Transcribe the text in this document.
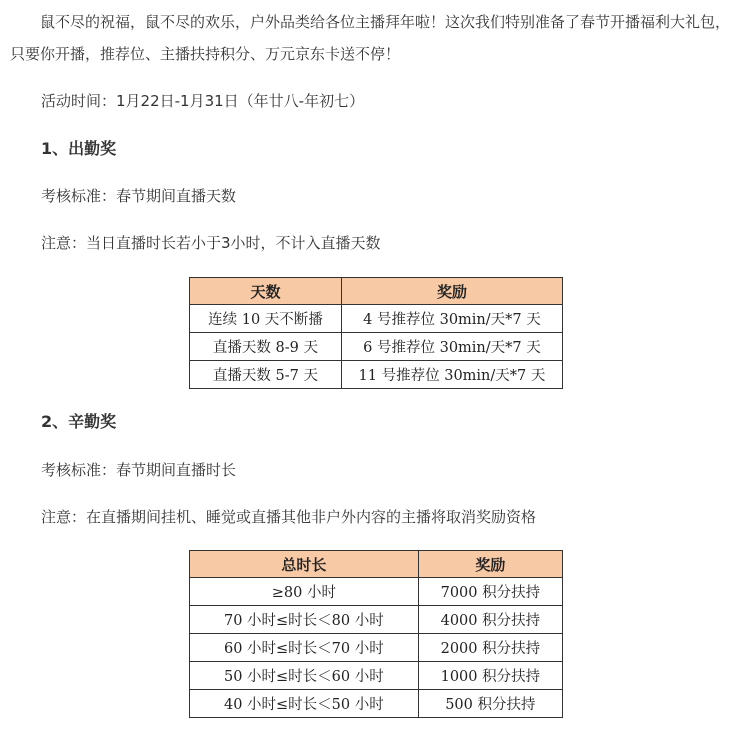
鼠不尽的祝福，鼠不尽的欢乐，户外品类给各位主播拜年啦！这次我们特别准备了春节开播福利大礼包，只要你开播，推荐位、主播扶持积分、万元京东卡送不停！

活动时间：1月22日-1月31日（年廿八-年初七）

1、出勤奖

考核标准：春节期间直播天数

注意：当日直播时长若小于3小时，不计入直播天数

天数	奖励
连续 10 天不断播	4 号推荐位 30min/天*7 天
直播天数 8-9 天	6 号推荐位 30min/天*7 天
直播天数 5-7 天	11 号推荐位 30min/天*7 天

2、辛勤奖

考核标准：春节期间直播时长

注意：在直播期间挂机、睡觉或直播其他非户外内容的主播将取消奖励资格

总时长	奖励
≥80 小时	7000 积分扶持
70 小时≤时长＜80 小时	4000 积分扶持
60 小时≤时长＜70 小时	2000 积分扶持
50 小时≤时长＜60 小时	1000 积分扶持
40 小时≤时长＜50 小时	500 积分扶持
